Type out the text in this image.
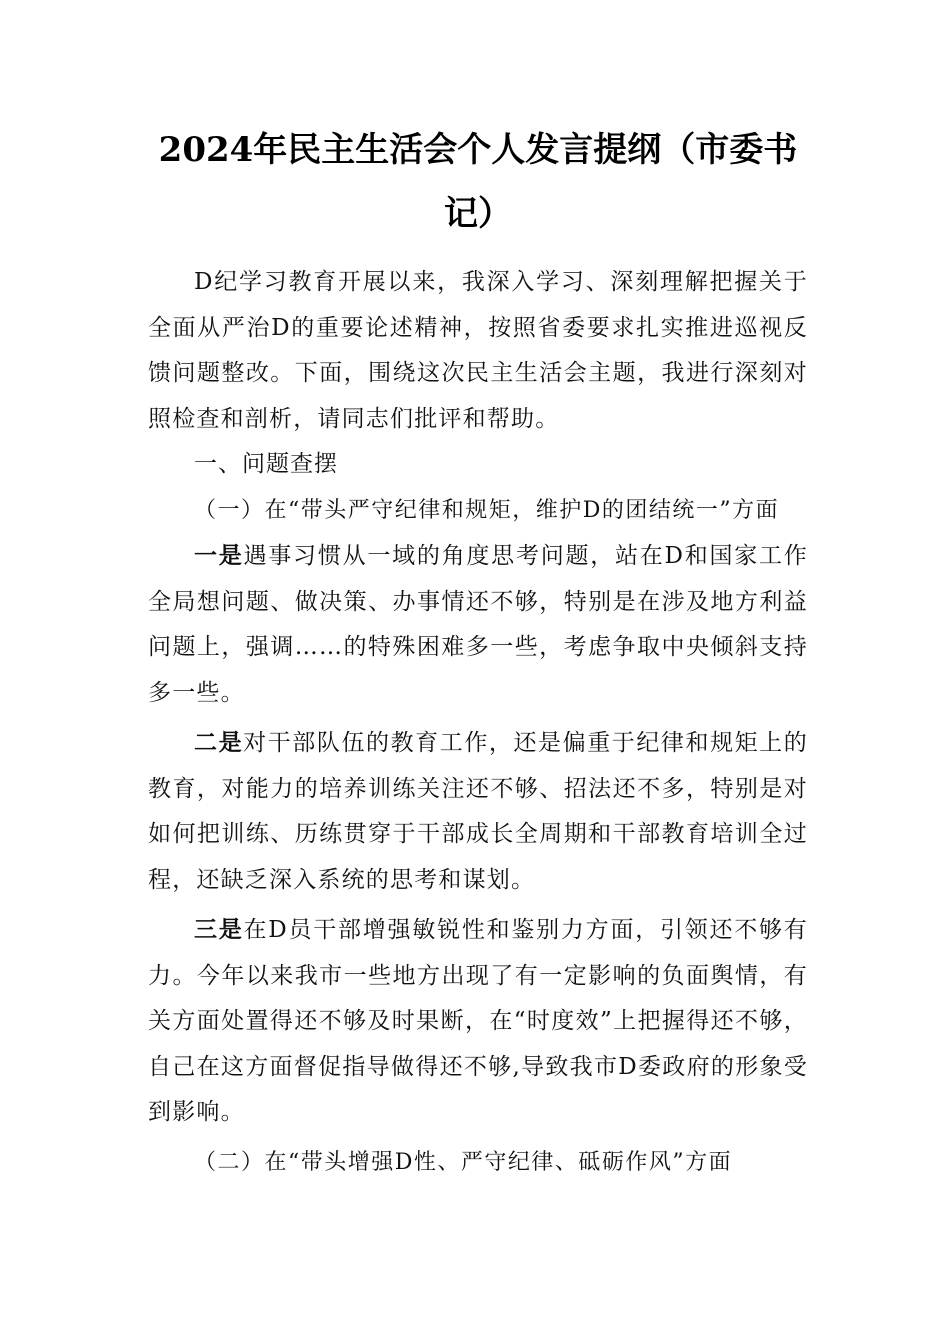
2024年民主生活会个人发言提纲（市委书记）

D纪学习教育开展以来，我深入学习、深刻理解把握关于全面从严治D的重要论述精神，按照省委要求扎实推进巡视反馈问题整改。下面，围绕这次民主生活会主题，我进行深刻对照检查和剖析，请同志们批评和帮助。

一、问题查摆

（一）在“带头严守纪律和规矩，维护D的团结统一”方面

一是遇事习惯从一域的角度思考问题，站在D和国家工作全局想问题、做决策、办事情还不够，特别是在涉及地方利益问题上，强调……的特殊困难多一些，考虑争取中央倾斜支持多一些。

二是对干部队伍的教育工作，还是偏重于纪律和规矩上的教育，对能力的培养训练关注还不够、招法还不多，特别是对如何把训练、历练贯穿于干部成长全周期和干部教育培训全过程，还缺乏深入系统的思考和谋划。

三是在D员干部增强敏锐性和鉴别力方面，引领还不够有力。今年以来我市一些地方出现了有一定影响的负面舆情，有关方面处置得还不够及时果断，在“时度效”上把握得还不够，自己在这方面督促指导做得还不够,导致我市D委政府的形象受到影响。

（二）在“带头增强D性、严守纪律、砥砺作风”方面
